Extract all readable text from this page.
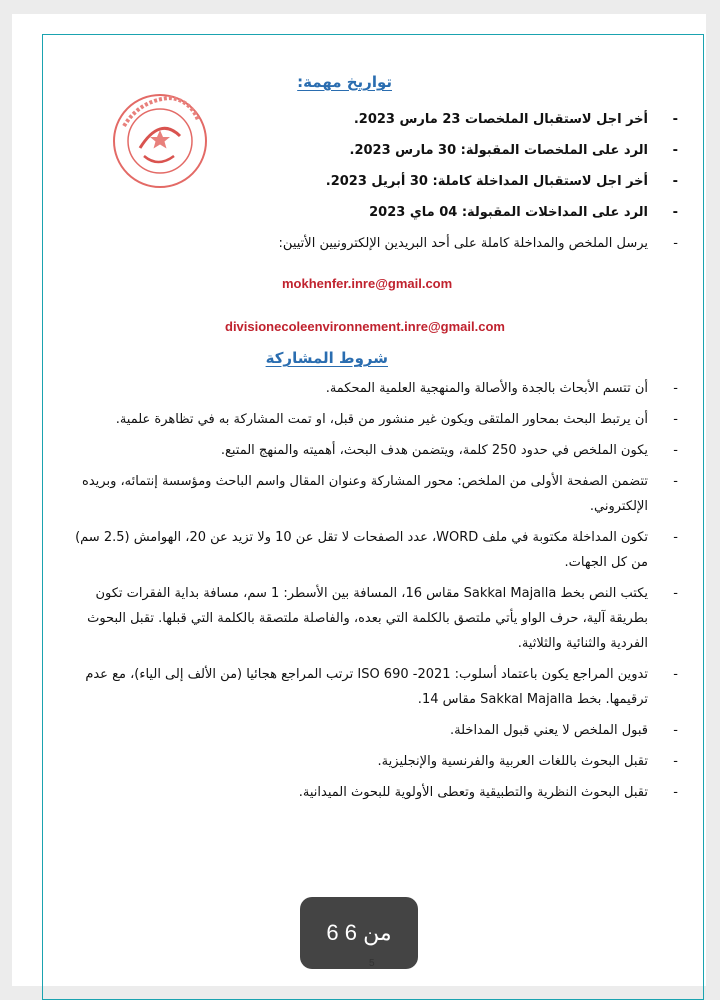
تواريخ مهمة:
- أخر اجل لاستقبال الملخصات 23 مارس 2023.
- الرد على الملخصات المقبولة: 30 مارس 2023.
- أخر اجل لاستقبال المداخلة كاملة: 30 أبريل 2023.
- الرد على المداخلات المقبولة: 04 ماي 2023
- يرسل الملخص والمداخلة كاملة على أحد البريدين الإلكترونيين الأتيين:
mokhenfer.inre@gmail.com
divisionecoleenvironnement.inre@gmail.com
شروط المشاركة
- أن تتسم الأبحاث بالجدة والأصالة والمنهجية العلمية المحكمة.
- أن يرتبط البحث بمحاور الملتقى ويكون غير منشور من قبل، او تمت المشاركة به في تظاهرة علمية.
- يكون الملخص في حدود 250 كلمة، ويتضمن هدف البحث، أهميته والمنهج المتبع.
- تتضمن الصفحة الأولى من الملخص: محور المشاركة وعنوان المقال واسم الباحث ومؤسسة إنتمائه، وبريده الإلكتروني.
- تكون المداخلة مكتوبة في ملف WORD، عدد الصفحات لا تقل عن 10 ولا تزيد عن 20، الهوامش (2.5 سم) من كل الجهات.
- يكتب النص بخط Sakkal Majalla مقاس 16، المسافة بين الأسطر: 1 سم، مسافة بداية الفقرات تكون بطريقة آلية، حرف الواو يأتي ملتصق بالكلمة التي بعده، والفاصلة ملتصقة بالكلمة التي قبلها. تقبل البحوث الفردية والثنائية والثلاثية.
- تدوين المراجع يكون باعتماد أسلوب: 2021- ISO 690 ترتب المراجع هجائيا (من الألف إلى الياء)، مع عدم ترقيمها. بخط Sakkal Majalla مقاس 14.
- قبول الملخص لا يعني قبول المداخلة.
- تقبل البحوث باللغات العربية والفرنسية والإنجليزية.
- تقبل البحوث النظرية والتطبيقية وتعطى الأولوية للبحوث الميدانية.
6 من 6
5
